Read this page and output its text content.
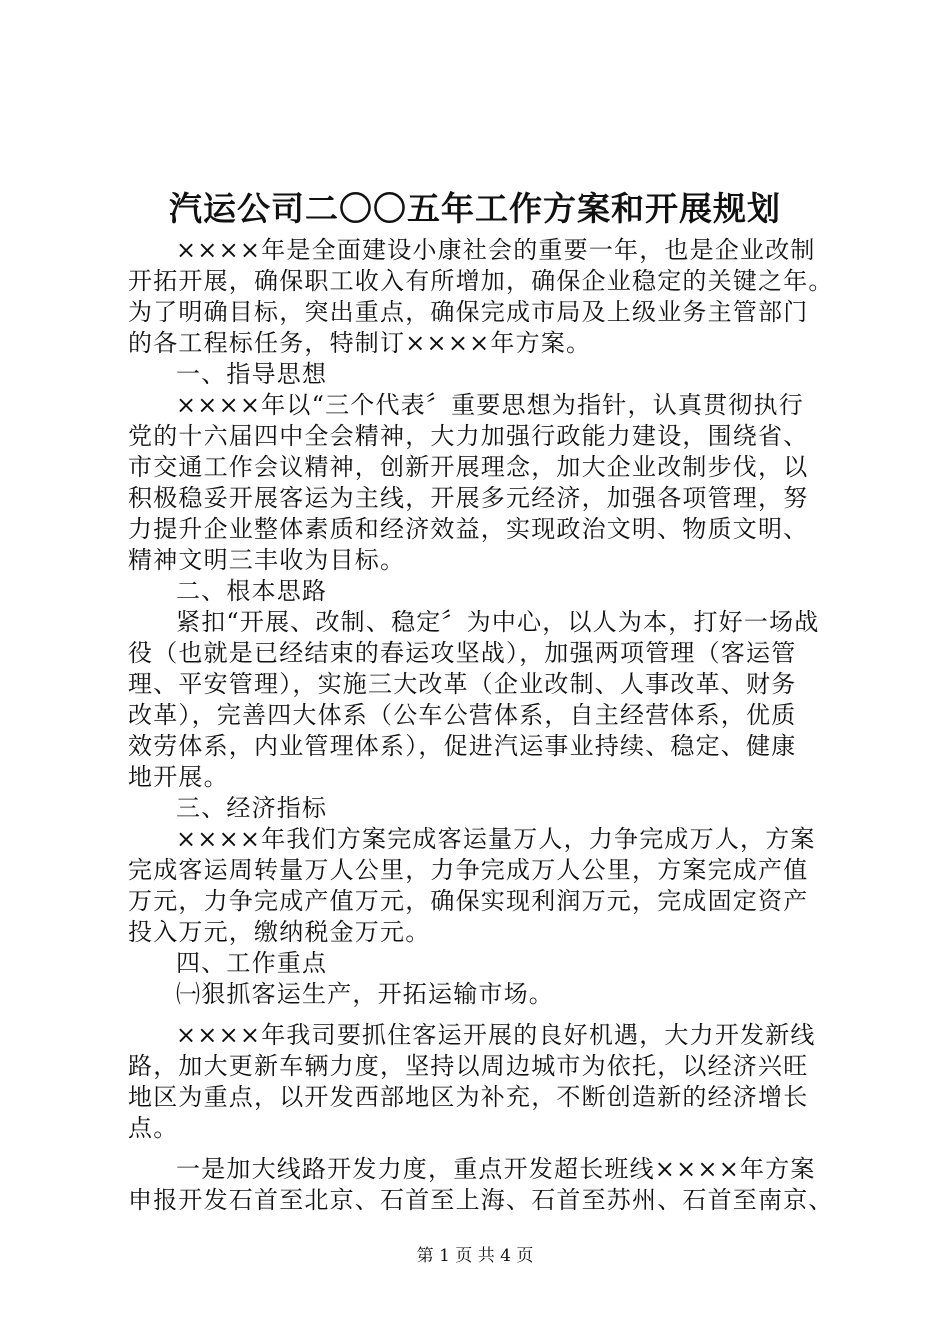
汽运公司二〇〇五年工作方案和开展规划
××××年是全面建设小康社会的重要一年，也是企业改制
开拓开展，确保职工收入有所增加，确保企业稳定的关键之年。
为了明确目标，突出重点，确保完成市局及上级业务主管部门
的各工程标任务，特制订××××年方案。
一、指导思想
××××年以“三个代表〞重要思想为指针，认真贯彻执行
党的十六届四中全会精神，大力加强行政能力建设，围绕省、
市交通工作会议精神，创新开展理念，加大企业改制步伐，以
积极稳妥开展客运为主线，开展多元经济，加强各项管理，努
力提升企业整体素质和经济效益，实现政治文明、物质文明、
精神文明三丰收为目标。
二、根本思路
紧扣“开展、改制、稳定〞为中心，以人为本，打好一场战
役（也就是已经结束的春运攻坚战），加强两项管理（客运管
理、平安管理），实施三大改革（企业改制、人事改革、财务
改革），完善四大体系（公车公营体系，自主经营体系，优质
效劳体系，内业管理体系），促进汽运事业持续、稳定、健康
地开展。
三、经济指标
××××年我们方案完成客运量万人，力争完成万人，方案
完成客运周转量万人公里，力争完成万人公里，方案完成产值
万元，力争完成产值万元，确保实现利润万元，完成固定资产
投入万元，缴纳税金万元。
四、工作重点
㈠狠抓客运生产，开拓运输市场。
××××年我司要抓住客运开展的良好机遇，大力开发新线
路，加大更新车辆力度，坚持以周边城市为依托，以经济兴旺
地区为重点，以开发西部地区为补充，不断创造新的经济增长
点。
一是加大线路开发力度，重点开发超长班线××××年方案
申报开发石首至北京、石首至上海、石首至苏州、石首至南京、
第 1 页 共 4 页
